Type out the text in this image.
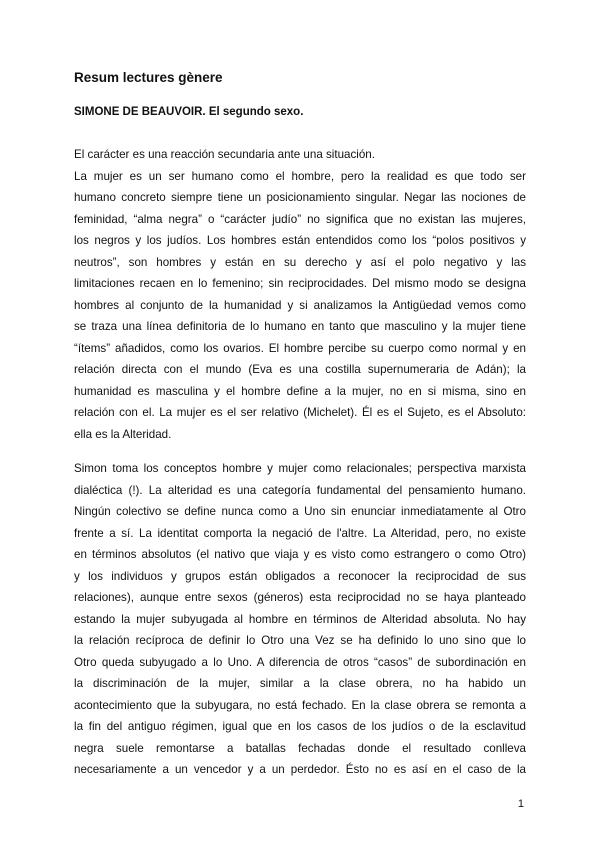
Resum lectures gènere
SIMONE DE BEAUVOIR. El segundo sexo.
El carácter es una reacción secundaria ante una situación.
La mujer es un ser humano como el hombre, pero la realidad es que todo ser
humano concreto siempre tiene un posicionamiento singular. Negar las nociones de
feminidad, “alma negra” o “carácter judío” no significa que no existan las mujeres,
los negros y los judíos. Los hombres están entendidos como los “polos positivos y
neutros”, son hombres y están en su derecho y así el polo negativo y las
limitaciones recaen en lo femenino; sin reciprocidades. Del mismo modo se designa
hombres al conjunto de la humanidad y si analizamos la Antigüedad vemos como
se traza una línea definitoria de lo humano en tanto que masculino y la mujer tiene
“ítems” añadidos, como los ovarios. El hombre percibe su cuerpo como normal y en
relación directa con el mundo (Eva es una costilla supernumeraria de Adán); la
humanidad es masculina y el hombre define a la mujer, no en si misma, sino en
relación con el. La mujer es el ser relativo (Michelet). Él es el Sujeto, es el Absoluto:
ella es la Alteridad.
Simon toma los conceptos hombre y mujer como relacionales; perspectiva marxista
dialéctica (!). La alteridad es una categoría fundamental del pensamiento humano.
Ningún colectivo se define nunca como a Uno sin enunciar inmediatamente al Otro
frente a sí. La identitat comporta la negació de l'altre. La Alteridad, pero, no existe
en términos absolutos (el nativo que viaja y es visto como estrangero o como Otro)
y los individuos y grupos están obligados a reconocer la reciprocidad de sus
relaciones), aunque entre sexos (géneros) esta reciprocidad no se haya planteado
estando la mujer subyugada al hombre en términos de Alteridad absoluta. No hay
la relación recíproca de definir lo Otro una Vez se ha definido lo uno sino que lo
Otro queda subyugado a lo Uno. A diferencia de otros “casos” de subordinación en
la discriminación de la mujer, similar a la clase obrera, no ha habido un
acontecimiento que la subyugara, no está fechado. En la clase obrera se remonta a
la fin del antiguo régimen, igual que en los casos de los judíos o de la esclavitud
negra suele remontarse a batallas fechadas donde el resultado conlleva
necesariamente a un vencedor y a un perdedor. Ésto no es así en el caso de la
1
